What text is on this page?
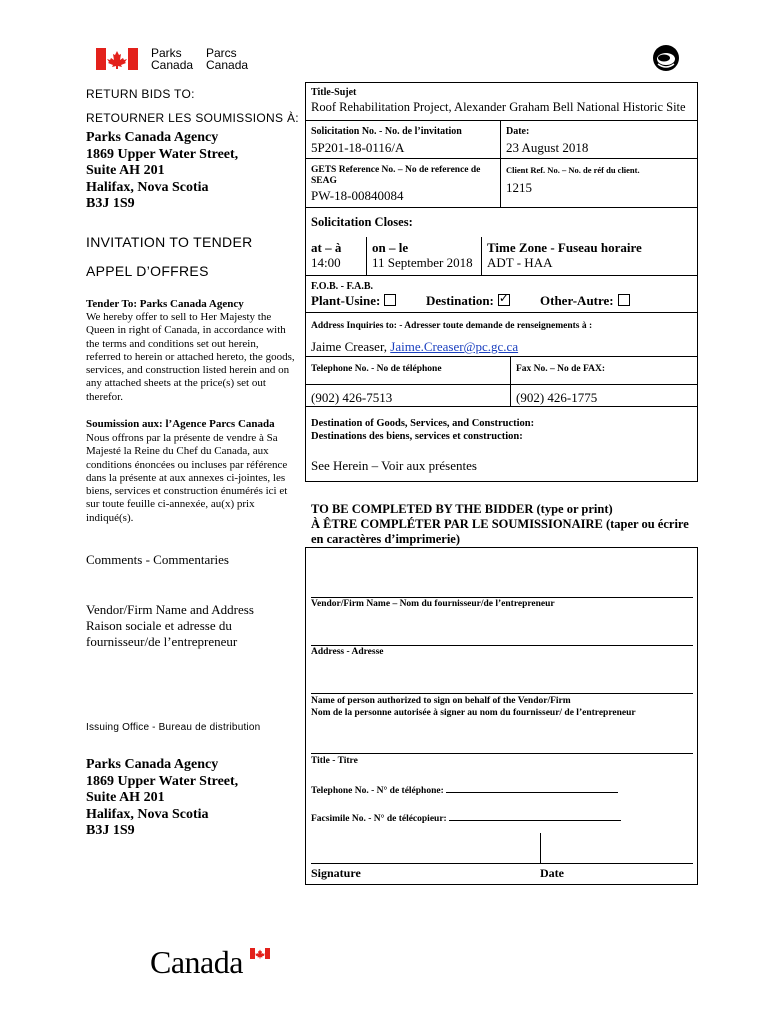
Parks
Canada
Parcs
Canada
RETURN BIDS TO:
RETOURNER LES SOUMISSIONS À:
Parks Canada Agency
1869 Upper Water Street,
Suite AH 201
Halifax, Nova Scotia
B3J 1S9
INVITATION TO TENDER
APPEL D’OFFRES
Tender To: Parks Canada Agency
We hereby offer to sell to Her Majesty the Queen in right of Canada, in accordance with the terms and conditions set out herein, referred to herein or attached hereto, the goods, services, and construction listed herein and on any attached sheets at the price(s) set out therefor.
Soumission aux: l’Agence Parcs Canada
Nous offrons par la présente de vendre à Sa Majesté la Reine du Chef du Canada, aux conditions énoncées ou incluses par référence dans la présente at aux annexes ci-jointes, les biens, services et construction énumérés ici et sur toute feuille ci-annexée, au(x) prix indiqué(s).
Comments - Commentaries
Vendor/Firm Name and Address
Raison sociale et adresse du
fournisseur/de l’entrepreneur
Issuing Office - Bureau de distribution
Parks Canada Agency
1869 Upper Water Street,
Suite AH 201
Halifax, Nova Scotia
B3J 1S9
Title-Sujet
Roof Rehabilitation Project, Alexander Graham Bell National Historic Site
Solicitation No. - No. de l’invitation
5P201-18-0116/A
Date:
23 August 2018
GETS Reference No. – No de reference de
SEAG
PW-18-00840084
Client Ref. No. – No. de réf du client.
1215
Solicitation Closes:
at – à
14:00
on – le
11 September 2018
Time Zone - Fuseau horaire
ADT - HAA
F.O.B. - F.A.B.
Plant-Usine:	Destination:✓	Other-Autre:
Address Inquiries to: - Adresser toute demande de renseignements à :
Jaime Creaser, Jaime.Creaser@pc.gc.ca
Telephone No. - No de téléphone	Fax No. – No de FAX:
(902) 426-7513	(902) 426-1775
Destination of Goods, Services, and Construction:
Destinations des biens, services et construction:
See Herein – Voir aux présentes
TO BE COMPLETED BY THE BIDDER (type or print)
À ÊTRE COMPLÉTER PAR LE SOUMISSIONAIRE (taper ou écrire
en caractères d’imprimerie)
Vendor/Firm Name – Nom du fournisseur/de l’entrepreneur
Address - Adresse
Name of person authorized to sign on behalf of the Vendor/Firm
Nom de la personne autorisée à signer au nom du fournisseur/ de l’entrepreneur
Title - Titre
Telephone No. - N° de téléphone:
Facsimile No. - N° de télécopieur:
Signature	Date
Canada
